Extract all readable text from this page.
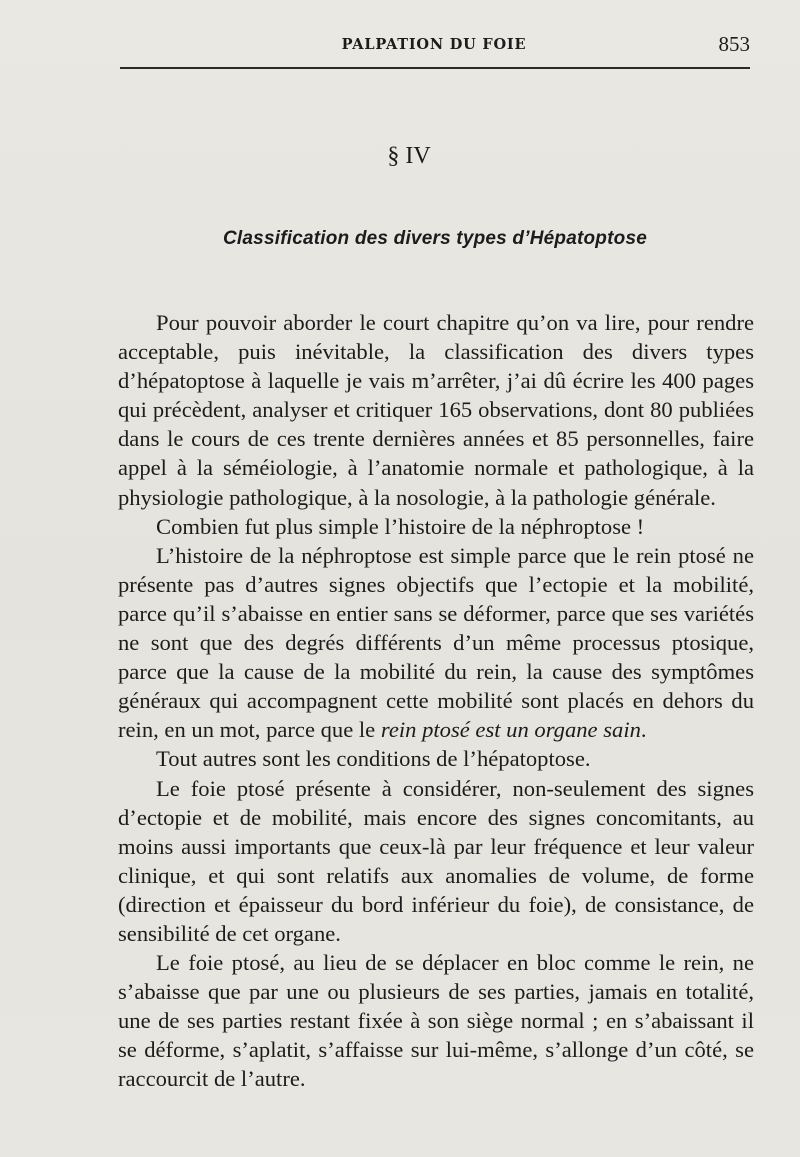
PALPATION DU FOIE	853
§ IV
Classification des divers types d’Hépatoptose

Pour pouvoir aborder le court chapitre qu’on va lire, pour rendre acceptable, puis inévitable, la classification des divers types d’hépatoptose à laquelle je vais m’arrêter, j’ai dû écrire les 400 pages qui précèdent, analyser et critiquer 165 observations, dont 80 publiées dans le cours de ces trente dernières années et 85 personnelles, faire appel à la séméiologie, à l’anatomie normale et pathologique, à la physiologie pathologique, à la nosologie, à la pathologie générale.

Combien fut plus simple l’histoire de la néphroptose !

L’histoire de la néphroptose est simple parce que le rein ptosé ne présente pas d’autres signes objectifs que l’ectopie et la mobilité, parce qu’il s’abaisse en entier sans se déformer, parce que ses variétés ne sont que des degrés différents d’un même processus ptosique, parce que la cause de la mobilité du rein, la cause des symptômes généraux qui accompagnent cette mobilité sont placés en dehors du rein, en un mot, parce que le rein ptosé est un organe sain.

Tout autres sont les conditions de l’hépatoptose.

Le foie ptosé présente à considérer, non-seulement des signes d’ectopie et de mobilité, mais encore des signes concomitants, au moins aussi importants que ceux-là par leur fréquence et leur valeur clinique, et qui sont relatifs aux anomalies de volume, de forme (direction et épaisseur du bord inférieur du foie), de consistance, de sensibilité de cet organe.

Le foie ptosé, au lieu de se déplacer en bloc comme le rein, ne s’abaisse que par une ou plusieurs de ses parties, jamais en totalité, une de ses parties restant fixée à son siège normal ; en s’abaissant il se déforme, s’aplatit, s’affaisse sur lui-même, s’allonge d’un côté, se raccourcit de l’autre.
